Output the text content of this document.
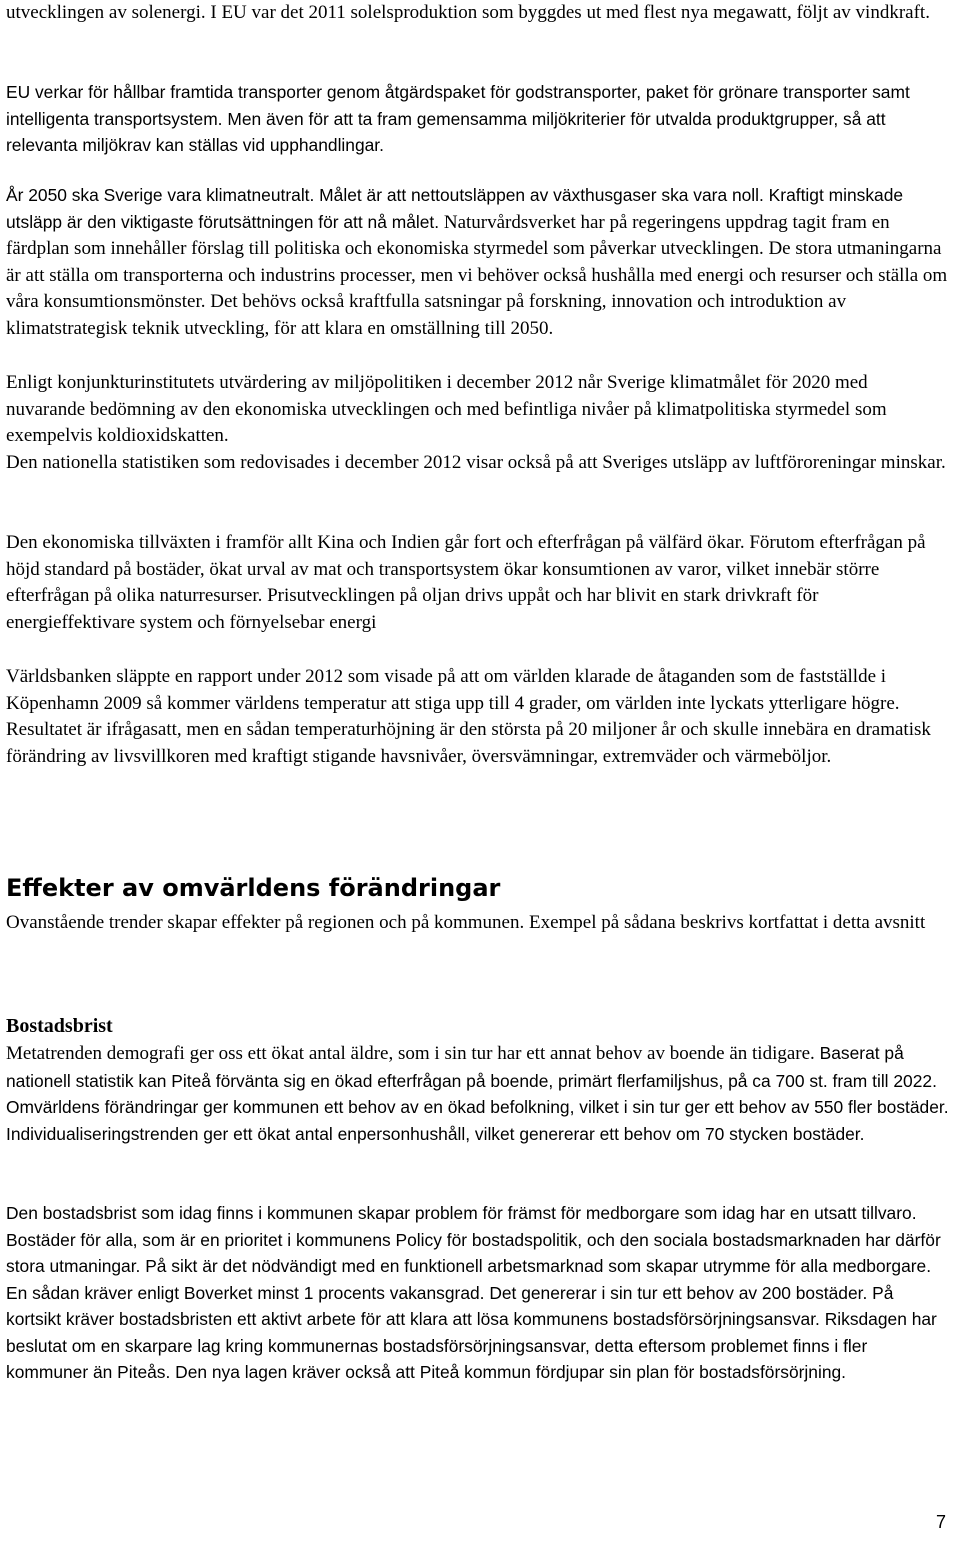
utvecklingen av solenergi. I EU var det 2011 solelsproduktion som byggdes ut med flest nya megawatt, följt av vindkraft.

EU verkar för hållbar framtida transporter genom åtgärdspaket för godstransporter, paket för grönare transporter samt intelligenta transportsystem. Men även för att ta fram gemensamma miljökriterier för utvalda produktgrupper, så att relevanta miljökrav kan ställas vid upphandlingar.

År 2050 ska Sverige vara klimatneutralt. Målet är att nettoutsläppen av växthusgaser ska vara noll. Kraftigt minskade utsläpp är den viktigaste förutsättningen för att nå målet. Naturvårdsverket har på regeringens uppdrag tagit fram en färdplan som innehåller förslag till politiska och ekonomiska styrmedel som påverkar utvecklingen. De stora utmaningarna är att ställa om transporterna och industrins processer, men vi behöver också hushålla med energi och resurser och ställa om våra konsumtionsmönster. Det behövs också kraftfulla satsningar på forskning, innovation och introduktion av klimatstrategisk teknik utveckling, för att klara en omställning till 2050.

Enligt konjunkturinstitutets utvärdering av miljöpolitiken i december 2012 når Sverige klimatmålet för 2020 med nuvarande bedömning av den ekonomiska utvecklingen och med befintliga nivåer på klimatpolitiska styrmedel som exempelvis koldioxidskatten.

Den nationella statistiken som redovisades i december 2012 visar också på att Sveriges utsläpp av luftföroreningar minskar.

Den ekonomiska tillväxten i framför allt Kina och Indien går fort och efterfrågan på välfärd ökar. Förutom efterfrågan på höjd standard på bostäder, ökat urval av mat och transportsystem ökar konsumtionen av varor, vilket innebär större efterfrågan på olika naturresurser. Prisutvecklingen på oljan drivs uppåt och har blivit en stark drivkraft för energieffektivare system och förnyelsebar energi

Världsbanken släppte en rapport under 2012 som visade på att om världen klarade de åtaganden som de fastställde i Köpenhamn 2009 så kommer världens temperatur att stiga upp till 4 grader, om världen inte lyckats ytterligare högre. Resultatet är ifrågasatt, men en sådan temperaturhöjning är den största på 20 miljoner år och skulle innebära en dramatisk förändring av livsvillkoren med kraftigt stigande havsnivåer, översvämningar, extremväder och värmeböljor.

Effekter av omvärldens förändringar

Ovanstående trender skapar effekter på regionen och på kommunen. Exempel på sådana beskrivs kortfattat i detta avsnitt

Bostadsbrist

Metatrenden demografi ger oss ett ökat antal äldre, som i sin tur har ett annat behov av boende än tidigare. Baserat på nationell statistik kan Piteå förvänta sig en ökad efterfrågan på boende, primärt flerfamiljshus, på ca 700 st. fram till 2022. Omvärldens förändringar ger kommunen ett behov av en ökad befolkning, vilket i sin tur ger ett behov av 550 fler bostäder. Individualiseringstrenden ger ett ökat antal enpersonhushåll, vilket genererar ett behov om 70 stycken bostäder.

Den bostadsbrist som idag finns i kommunen skapar problem för främst för medborgare som idag har en utsatt tillvaro. Bostäder för alla, som är en prioritet i kommunens Policy för bostadspolitik, och den sociala bostadsmarknaden har därför stora utmaningar. På sikt är det nödvändigt med en funktionell arbetsmarknad som skapar utrymme för alla medborgare. En sådan kräver enligt Boverket minst 1 procents vakansgrad. Det genererar i sin tur ett behov av 200 bostäder. På kortsikt kräver bostadsbristen ett aktivt arbete för att klara att lösa kommunens bostadsförsörjningsansvar. Riksdagen har beslutat om en skarpare lag kring kommunernas bostadsförsörjningsansvar, detta eftersom problemet finns i fler kommuner än Piteås. Den nya lagen kräver också att Piteå kommun fördjupar sin plan för bostadsförsörjning.

7
